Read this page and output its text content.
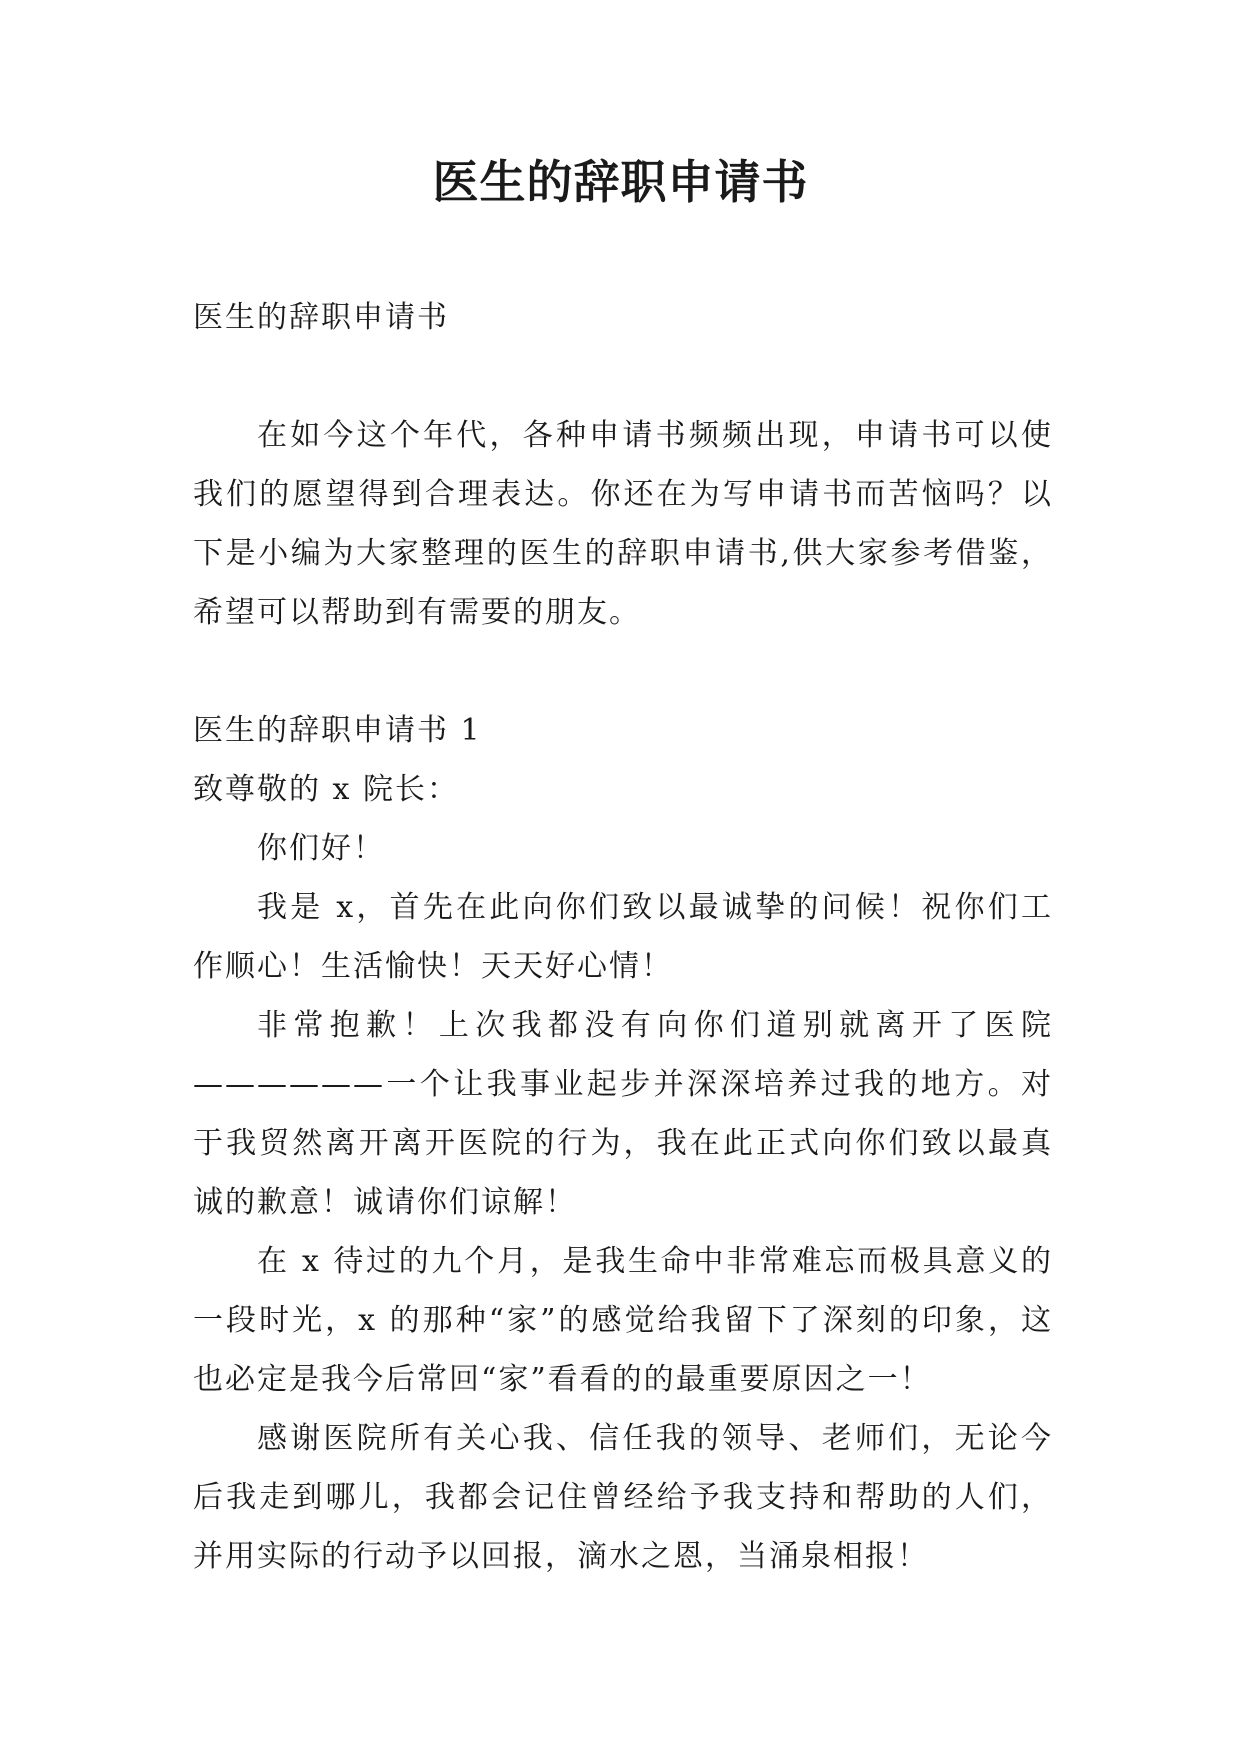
医生的辞职申请书

医生的辞职申请书

在如今这个年代，各种申请书频频出现，申请书可以使我们的愿望得到合理表达。你还在为写申请书而苦恼吗？以下是小编为大家整理的医生的辞职申请书,供大家参考借鉴，希望可以帮助到有需要的朋友。

医生的辞职申请书 1

致尊敬的 x 院长：

你们好！

我是 x，首先在此向你们致以最诚挚的问候！祝你们工作顺心！生活愉快！天天好心情！

非常抱歉！上次我都没有向你们道别就离开了医院——————一个让我事业起步并深深培养过我的地方。对于我贸然离开离开医院的行为，我在此正式向你们致以最真诚的歉意！诚请你们谅解！

在 x 待过的九个月，是我生命中非常难忘而极具意义的一段时光，x 的那种“家”的感觉给我留下了深刻的印象，这也必定是我今后常回“家”看看的的最重要原因之一！

感谢医院所有关心我、信任我的领导、老师们，无论今后我走到哪儿，我都会记住曾经给予我支持和帮助的人们，并用实际的行动予以回报，滴水之恩，当涌泉相报！
